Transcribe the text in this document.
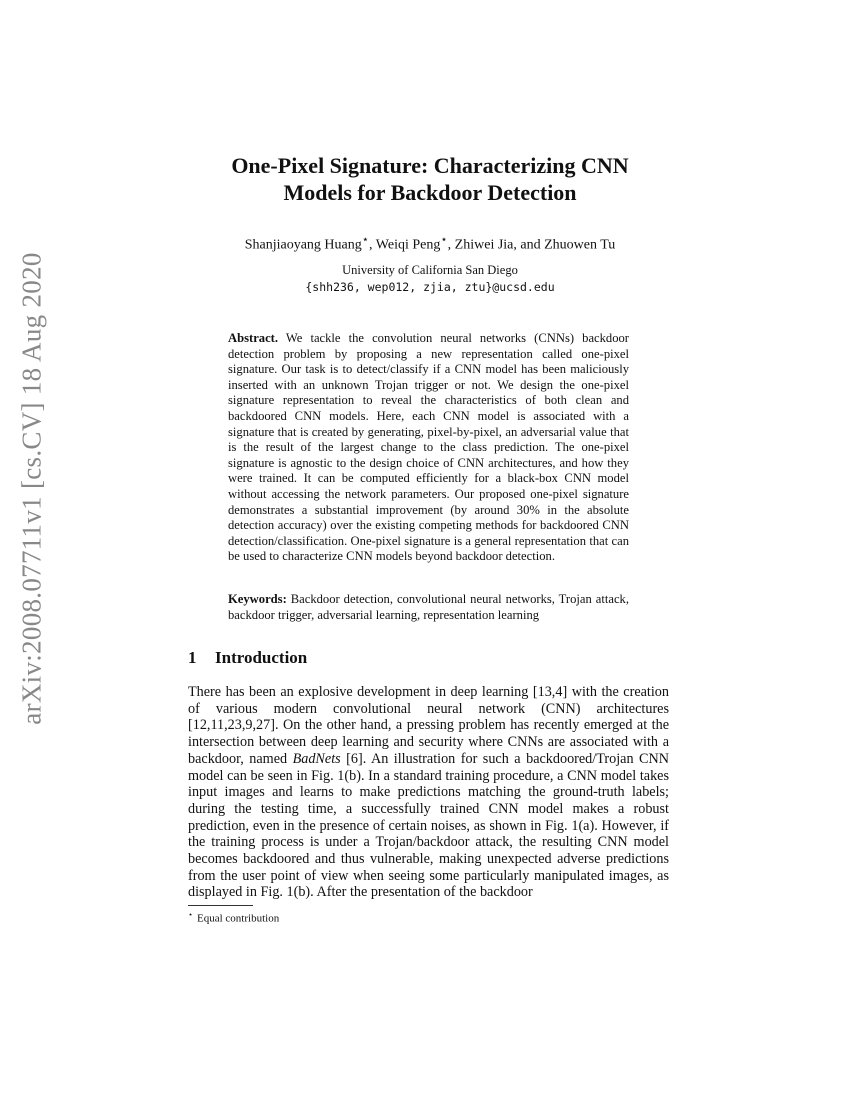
arXiv:2008.07711v1 [cs.CV] 18 Aug 2020
One-Pixel Signature: Characterizing CNN
Models for Backdoor Detection
Shanjiaoyang Huang⋆, Weiqi Peng⋆, Zhiwei Jia, and Zhuowen Tu
University of California San Diego
{shh236, wep012, zjia, ztu}@ucsd.edu

Abstract. We tackle the convolution neural networks (CNNs) backdoor detection problem by proposing a new representation called one-pixel signature. Our task is to detect/classify if a CNN model has been maliciously inserted with an unknown Trojan trigger or not. We design the one-pixel signature representation to reveal the characteristics of both clean and backdoored CNN models. Here, each CNN model is associated with a signature that is created by generating, pixel-by-pixel, an adversarial value that is the result of the largest change to the class prediction. The one-pixel signature is agnostic to the design choice of CNN architectures, and how they were trained. It can be computed efficiently for a black-box CNN model without accessing the network parameters. Our proposed one-pixel signature demonstrates a substantial improvement (by around 30% in the absolute detection accuracy) over the existing competing methods for backdoored CNN detection/classification. One-pixel signature is a general representation that can be used to characterize CNN models beyond backdoor detection.

Keywords: Backdoor detection, convolutional neural networks, Trojan attack, backdoor trigger, adversarial learning, representation learning

1 Introduction

There has been an explosive development in deep learning [13,4] with the creation of various modern convolutional neural network (CNN) architectures [12,11,23,9,27]. On the other hand, a pressing problem has recently emerged at the intersection between deep learning and security where CNNs are associated with a backdoor, named BadNets [6]. An illustration for such a backdoored/Trojan CNN model can be seen in Fig. 1(b). In a standard training procedure, a CNN model takes input images and learns to make predictions matching the ground-truth labels; during the testing time, a successfully trained CNN model makes a robust prediction, even in the presence of certain noises, as shown in Fig. 1(a). However, if the training process is under a Trojan/backdoor attack, the resulting CNN model becomes backdoored and thus vulnerable, making unexpected adverse predictions from the user point of view when seeing some particularly manipulated images, as displayed in Fig. 1(b). After the presentation of the backdoor

⋆ Equal contribution
